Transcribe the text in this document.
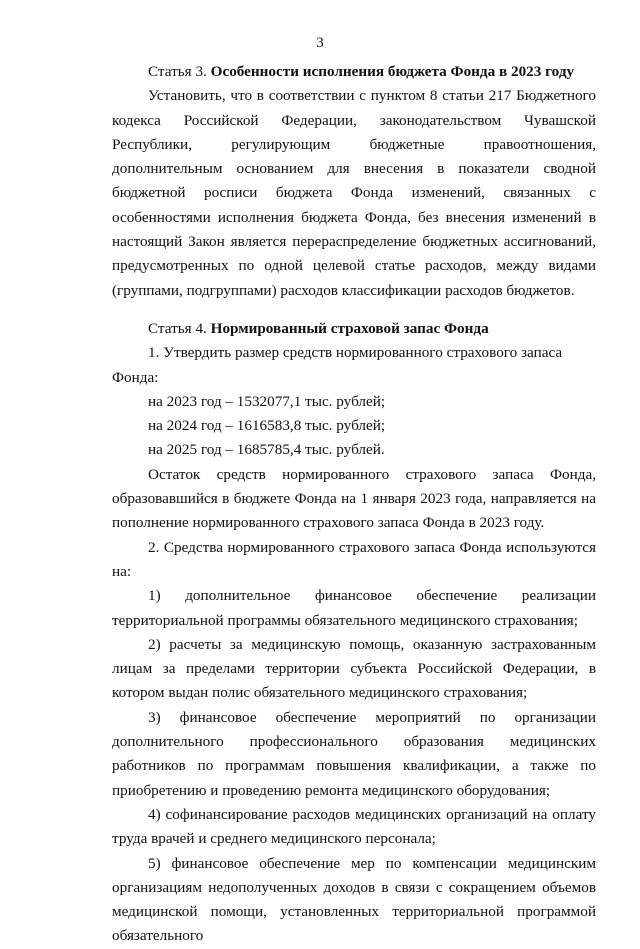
3

Статья 3. Особенности исполнения бюджета Фонда в 2023 году

Установить, что в соответствии с пунктом 8 статьи 217 Бюджетного кодекса Российской Федерации, законодательством Чувашской Республики, регулирующим бюджетные правоотношения, дополнительным основанием для внесения в показатели сводной бюджетной росписи бюджета Фонда изменений, связанных с особенностями исполнения бюджета Фонда, без внесения изменений в настоящий Закон является перераспределение бюджетных ассигнований, предусмотренных по одной целевой статье расходов, между видами (группами, подгруппами) расходов классификации расходов бюджетов.

Статья 4. Нормированный страховой запас Фонда

1. Утвердить размер средств нормированного страхового запаса Фонда:

на 2023 год – 1532077,1 тыс. рублей;

на 2024 год – 1616583,8 тыс. рублей;

на 2025 год – 1685785,4 тыс. рублей.

Остаток средств нормированного страхового запаса Фонда, образовавшийся в бюджете Фонда на 1 января 2023 года, направляется на пополнение нормированного страхового запаса Фонда в 2023 году.

2. Средства нормированного страхового запаса Фонда используются на:

1) дополнительное финансовое обеспечение реализации территориальной программы обязательного медицинского страхования;

2) расчеты за медицинскую помощь, оказанную застрахованным лицам за пределами территории субъекта Российской Федерации, в котором выдан полис обязательного медицинского страхования;

3) финансовое обеспечение мероприятий по организации дополнительного профессионального образования медицинских работников по программам повышения квалификации, а также по приобретению и проведению ремонта медицинского оборудования;

4) софинансирование расходов медицинских организаций на оплату труда врачей и среднего медицинского персонала;

5) финансовое обеспечение мер по компенсации медицинским организациям недополученных доходов в связи с сокращением объемов медицинской помощи, установленных территориальной программой обязательного
